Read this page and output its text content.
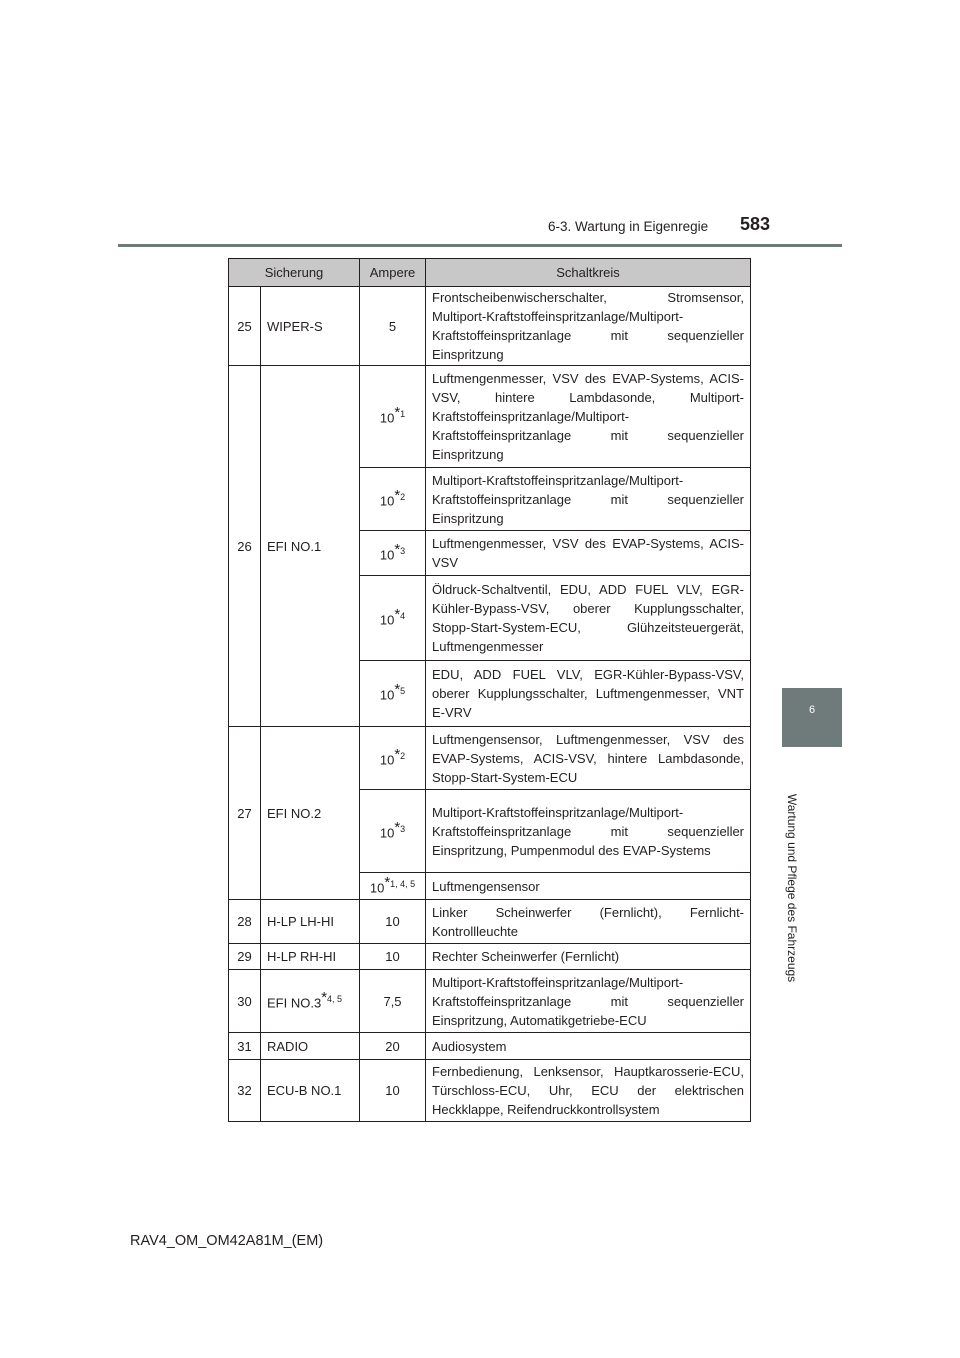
6-3. Wartung in Eigenregie 583
6
Wartung und Pflege des Fahrzeugs
Sicherung		Ampere	Schaltkreis
25	WIPER-S	5	Frontscheibenwischerschalter, Stromsensor, Multiport-Kraftstoffeinspritzanlage/Multiport-Kraftstoffeinspritzanlage mit sequenzieller Einspritzung
26	EFI NO.1	10$^{*1}$	Luftmengenmesser, VSV des EVAP-Systems, ACIS-VSV, hintere Lambdasonde, Multiport-Kraftstoffeinspritzanlage/Multiport-Kraftstoffeinspritzanlage mit sequenzieller Einspritzung
		10$^{*2}$	Multiport-Kraftstoffeinspritzanlage/Multiport-Kraftstoffeinspritzanlage mit sequenzieller Einspritzung
		10$^{*3}$	Luftmengenmesser, VSV des EVAP-Systems, ACIS-VSV
		10$^{*4}$	Öldruck-Schaltventil, EDU, ADD FUEL VLV, EGR-Kühler-Bypass-VSV, oberer Kupplungsschalter, Stopp-Start-System-ECU, Glühzeitsteuergerät, Luftmengenmesser
		10$^{*5}$	EDU, ADD FUEL VLV, EGR-Kühler-Bypass-VSV, oberer Kupplungsschalter, Luftmengenmesser, VNT E-VRV
27	EFI NO.2	10$^{*2}$	Luftmengensensor, Luftmengenmesser, VSV des EVAP-Systems, ACIS-VSV, hintere Lambdasonde, Stopp-Start-System-ECU
		10$^{*3}$	Multiport-Kraftstoffeinspritzanlage/Multiport-Kraftstoffeinspritzanlage mit sequenzieller Einspritzung, Pumpenmodul des EVAP-Systems
		10$^{*1, 4, 5}$	Luftmengensensor
28	H-LP LH-HI	10	Linker Scheinwerfer (Fernlicht), Fernlicht-Kontrollleuchte
29	H-LP RH-HI	10	Rechter Scheinwerfer (Fernlicht)
30	EFI NO.3$^{*4, 5}$	7,5	Multiport-Kraftstoffeinspritzanlage/Multiport-Kraftstoffeinspritzanlage mit sequenzieller Einspritzung, Automatikgetriebe-ECU
31	RADIO	20	Audiosystem
32	ECU-B NO.1	10	Fernbedienung, Lenksensor, Hauptkarosserie-ECU, Türschloss-ECU, Uhr, ECU der elektrischen Heckklappe, Reifendruckkontrollsystem
RAV4_OM_OM42A81M_(EM)
